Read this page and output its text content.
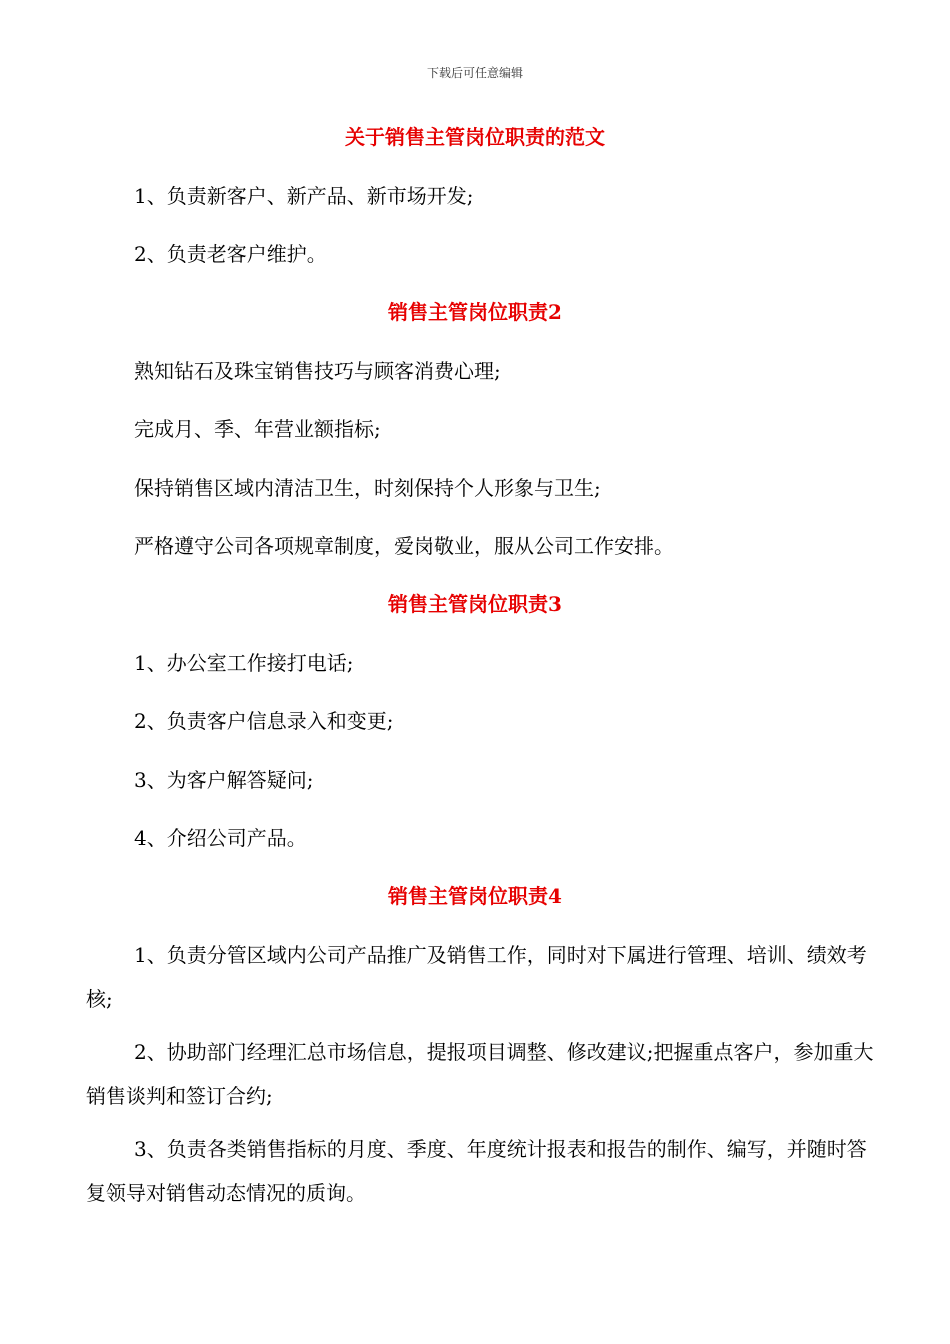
下载后可任意编辑
关于销售主管岗位职责的范文
1、负责新客户、新产品、新市场开发;
2、负责老客户维护。
销售主管岗位职责2
熟知钻石及珠宝销售技巧与顾客消费心理;
完成月、季、年营业额指标;
保持销售区域内清洁卫生，时刻保持个人形象与卫生;
严格遵守公司各项规章制度，爱岗敬业，服从公司工作安排。
销售主管岗位职责3
1、办公室工作接打电话;
2、负责客户信息录入和变更;
3、为客户解答疑问;
4、介绍公司产品。
销售主管岗位职责4
1、负责分管区域内公司产品推广及销售工作，同时对下属进行管理、培训、绩效考核;
2、协助部门经理汇总市场信息，提报项目调整、修改建议;把握重点客户，参加重大销售谈判和签订合约;
3、负责各类销售指标的月度、季度、年度统计报表和报告的制作、编写，并随时答复领导对销售动态情况的质询。
